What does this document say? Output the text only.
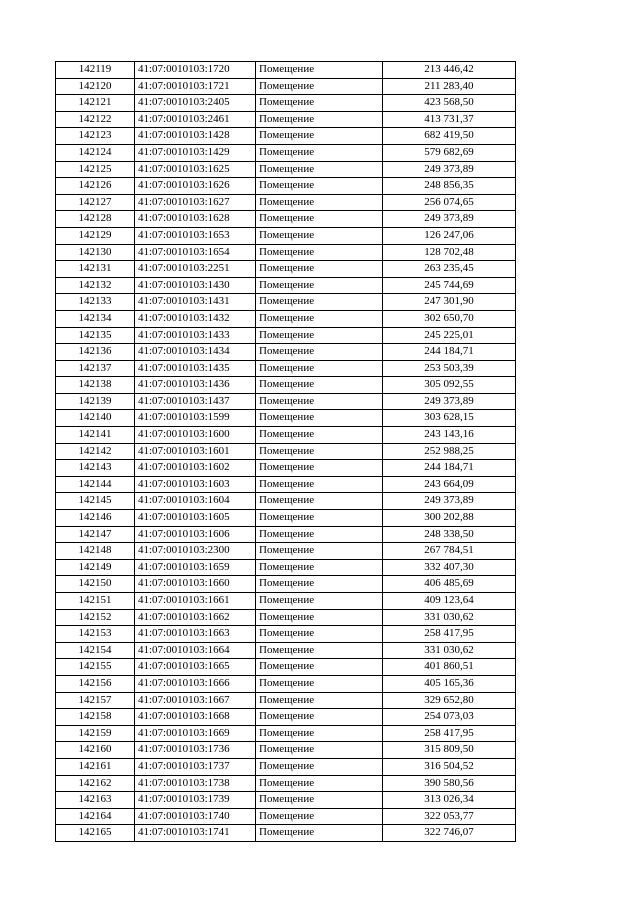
142119	41:07:0010103:1720	Помещение	213 446,42
142120	41:07:0010103:1721	Помещение	211 283,40
142121	41:07:0010103:2405	Помещение	423 568,50
142122	41:07:0010103:2461	Помещение	413 731,37
142123	41:07:0010103:1428	Помещение	682 419,50
142124	41:07:0010103:1429	Помещение	579 682,69
142125	41:07:0010103:1625	Помещение	249 373,89
142126	41:07:0010103:1626	Помещение	248 856,35
142127	41:07:0010103:1627	Помещение	256 074,65
142128	41:07:0010103:1628	Помещение	249 373,89
142129	41:07:0010103:1653	Помещение	126 247,06
142130	41:07:0010103:1654	Помещение	128 702,48
142131	41:07:0010103:2251	Помещение	263 235,45
142132	41:07:0010103:1430	Помещение	245 744,69
142133	41:07:0010103:1431	Помещение	247 301,90
142134	41:07:0010103:1432	Помещение	302 650,70
142135	41:07:0010103:1433	Помещение	245 225,01
142136	41:07:0010103:1434	Помещение	244 184,71
142137	41:07:0010103:1435	Помещение	253 503,39
142138	41:07:0010103:1436	Помещение	305 092,55
142139	41:07:0010103:1437	Помещение	249 373,89
142140	41:07:0010103:1599	Помещение	303 628,15
142141	41:07:0010103:1600	Помещение	243 143,16
142142	41:07:0010103:1601	Помещение	252 988,25
142143	41:07:0010103:1602	Помещение	244 184,71
142144	41:07:0010103:1603	Помещение	243 664,09
142145	41:07:0010103:1604	Помещение	249 373,89
142146	41:07:0010103:1605	Помещение	300 202,88
142147	41:07:0010103:1606	Помещение	248 338,50
142148	41:07:0010103:2300	Помещение	267 784,51
142149	41:07:0010103:1659	Помещение	332 407,30
142150	41:07:0010103:1660	Помещение	406 485,69
142151	41:07:0010103:1661	Помещение	409 123,64
142152	41:07:0010103:1662	Помещение	331 030,62
142153	41:07:0010103:1663	Помещение	258 417,95
142154	41:07:0010103:1664	Помещение	331 030,62
142155	41:07:0010103:1665	Помещение	401 860,51
142156	41:07:0010103:1666	Помещение	405 165,36
142157	41:07:0010103:1667	Помещение	329 652,80
142158	41:07:0010103:1668	Помещение	254 073,03
142159	41:07:0010103:1669	Помещение	258 417,95
142160	41:07:0010103:1736	Помещение	315 809,50
142161	41:07:0010103:1737	Помещение	316 504,52
142162	41:07:0010103:1738	Помещение	390 580,56
142163	41:07:0010103:1739	Помещение	313 026,34
142164	41:07:0010103:1740	Помещение	322 053,77
142165	41:07:0010103:1741	Помещение	322 746,07
